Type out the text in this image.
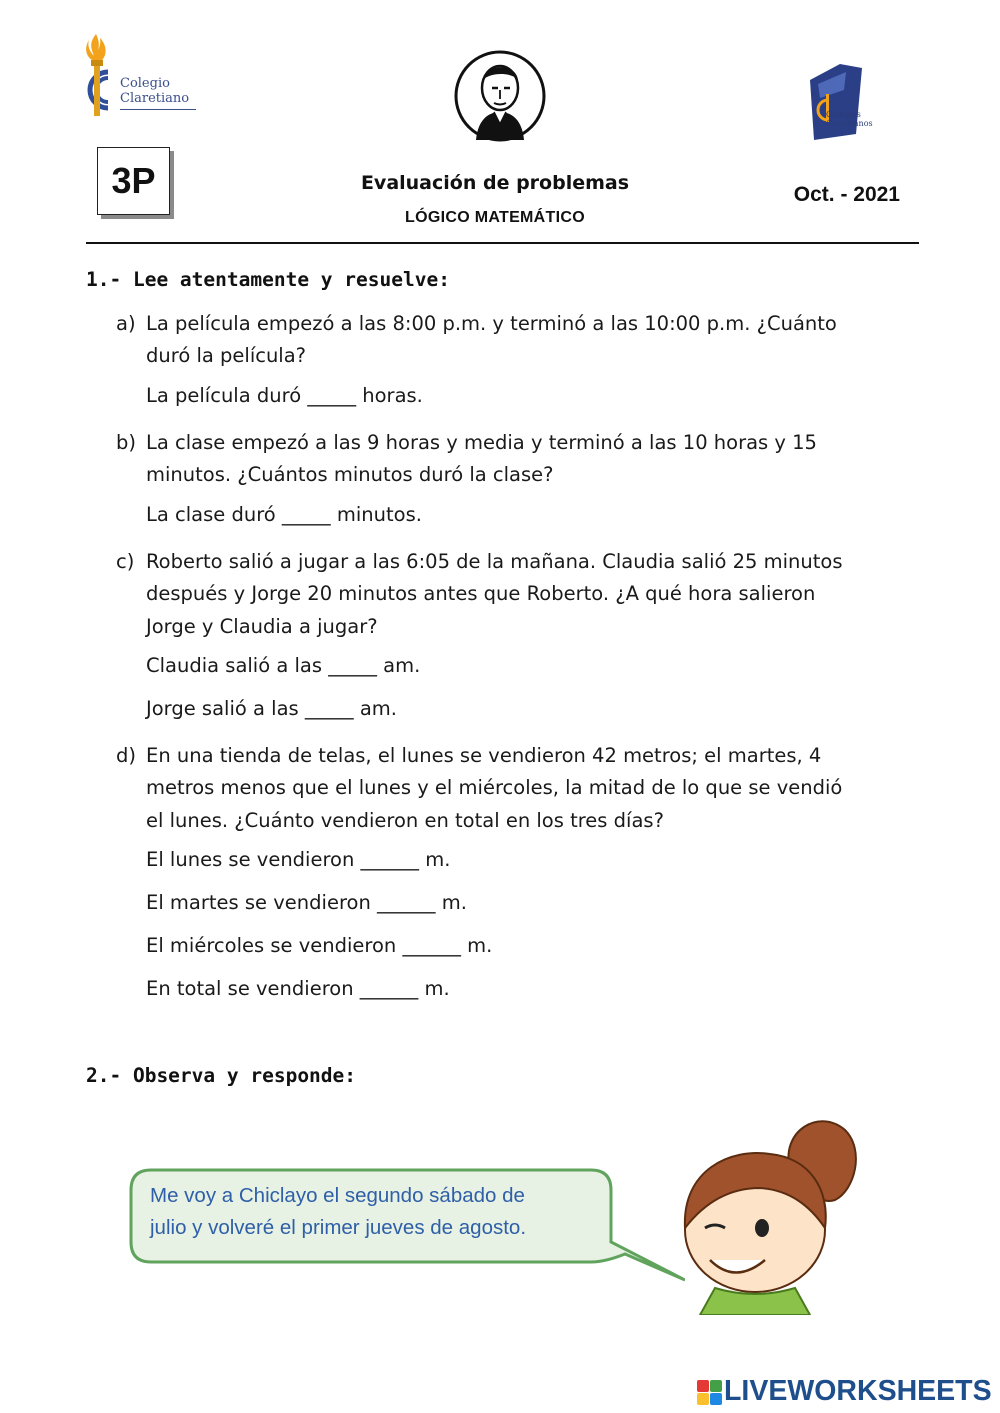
Colegio
Claretiano
Colegios
Claretianos
3P	Evaluación de problemas
LÓGICO MATEMÁTICO
Oct. - 2021
1.- Lee atentamente y resuelve:
a) La película empezó a las 8:00 p.m. y terminó a las 10:00 p.m. ¿Cuánto
duró la película?
La película duró _____ horas.
b) La clase empezó a las 9 horas y media y terminó a las 10 horas y 15
minutos. ¿Cuántos minutos duró la clase?
La clase duró _____ minutos.
c) Roberto salió a jugar a las 6:05 de la mañana. Claudia salió 25 minutos
después y Jorge 20 minutos antes que Roberto. ¿A qué hora salieron
Jorge y Claudia a jugar?
Claudia salió a las _____ am.
Jorge salió a las _____ am.
d) En una tienda de telas, el lunes se vendieron 42 metros; el martes, 4
metros menos que el lunes y el miércoles, la mitad de lo que se vendió
el lunes. ¿Cuánto vendieron en total en los tres días?
El lunes se vendieron ______ m.
El martes se vendieron ______ m.
El miércoles se vendieron ______ m.
En total se vendieron ______ m.
2.- Observa y responde:
Me voy a Chiclayo el segundo sábado de
julio y volveré el primer jueves de agosto.
LIVEWORKSHEETS
